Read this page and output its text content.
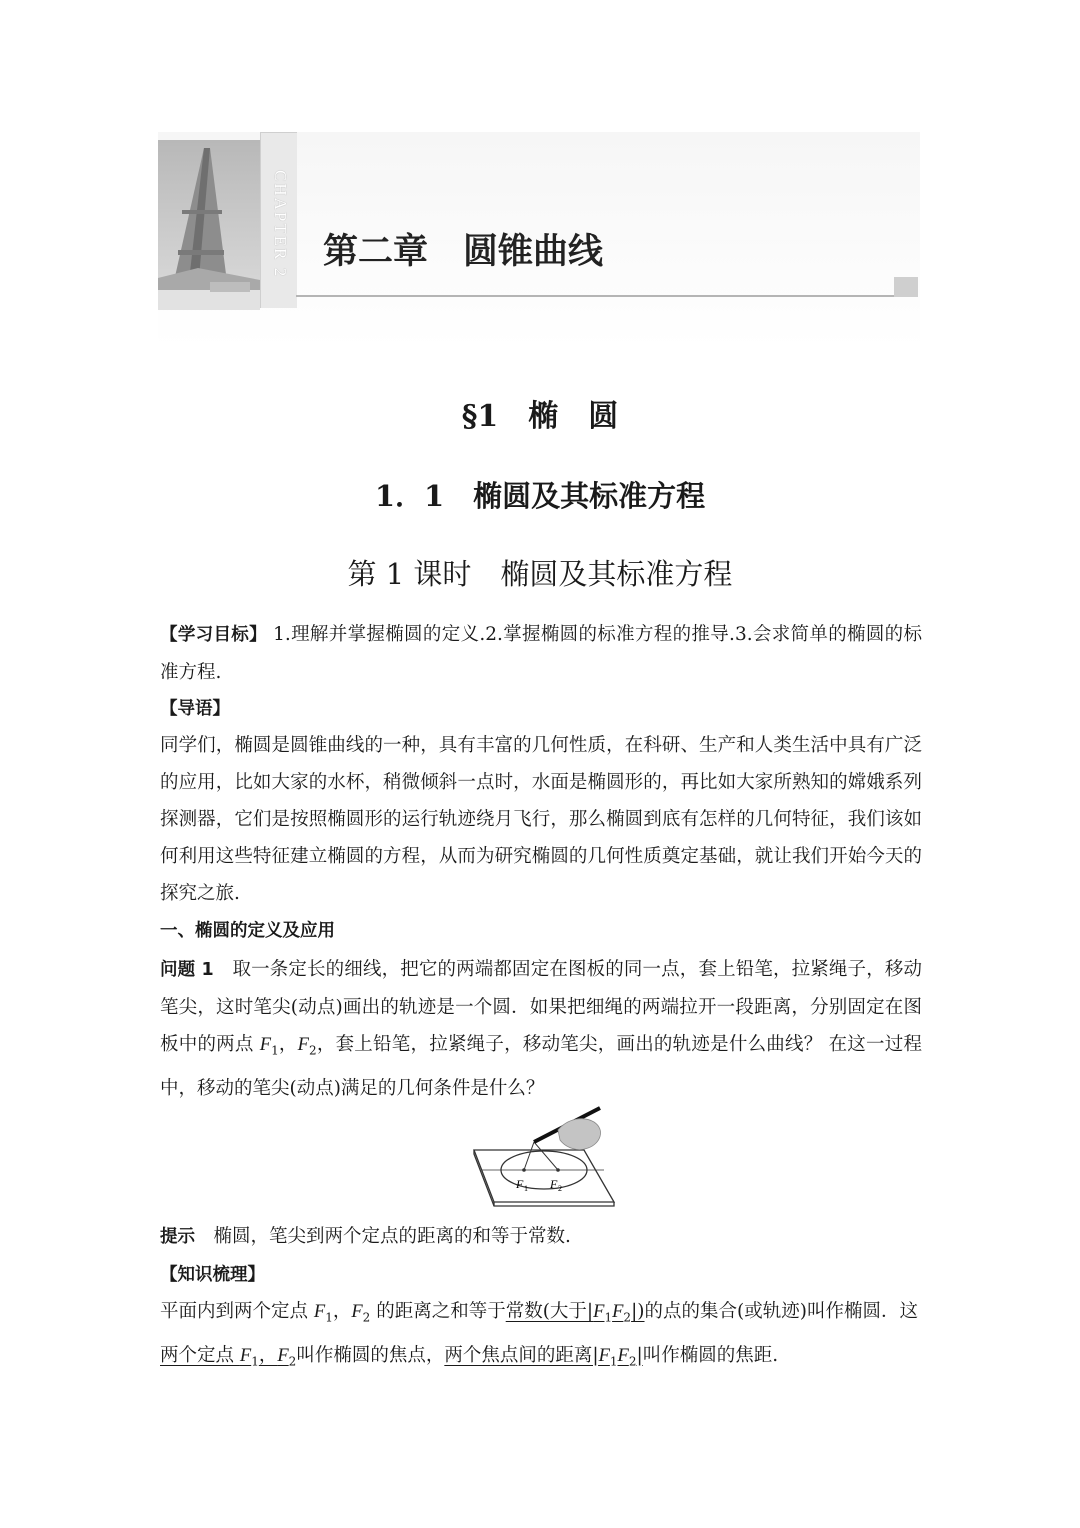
CHAPTER 2 第二章　圆锥曲线
§1　椭　圆
1．1　椭圆及其标准方程
第 1 课时　椭圆及其标准方程
【学习目标】 1.理解并掌握椭圆的定义.2.掌握椭圆的标准方程的推导.3.会求简单的椭圆的标准方程.
【导语】
同学们，椭圆是圆锥曲线的一种，具有丰富的几何性质，在科研、生产和人类生活中具有广泛的应用，比如大家的水杯，稍微倾斜一点时，水面是椭圆形的，再比如大家所熟知的嫦娥系列探测器，它们是按照椭圆形的运行轨迹绕月飞行，那么椭圆到底有怎样的几何特征，我们该如何利用这些特征建立椭圆的方程，从而为研究椭圆的几何性质奠定基础，就让我们开始今天的探究之旅.
一、椭圆的定义及应用
问题 1　 取一条定长的细线，把它的两端都固定在图板的同一点，套上铅笔，拉紧绳子，移动笔尖，这时笔尖(动点)画出的轨迹是一个圆．如果把细绳的两端拉开一段距离，分别固定在图板中的两点 $F_1$，$F_2$，套上铅笔，拉紧绳子，移动笔尖，画出的轨迹是什么曲线？ 在这一过程中，移动的笔尖(动点)满足的几何条件是什么？
F 1 F 2
提示　 椭圆，笔尖到两个定点的距离的和等于常数.
【知识梳理】
平面内到两个定点 $F_1$，$F_2$ 的距离之和等于常数(大于$|F_1F_2|$)的点的集合(或轨迹)叫作椭圆．这
两个定点 $F_1$，$F_2$叫作椭圆的焦点，两个焦点间的距离$|F_1F_2|$叫作椭圆的焦距.
